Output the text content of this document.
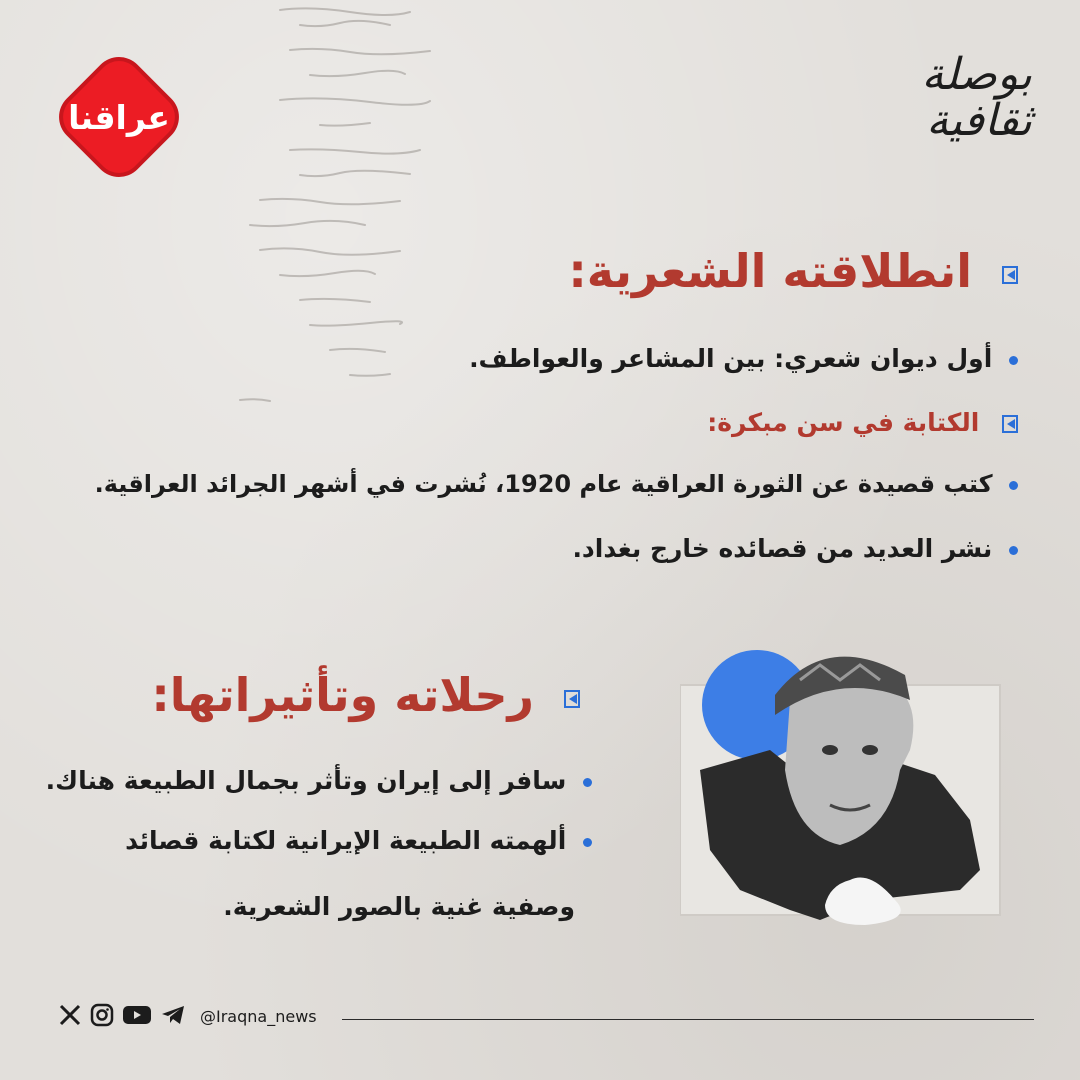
عراقنا
بوصلة
ثقافية
انطلاقته الشعرية:
أول ديوان شعري: بين المشاعر والعواطف.
الكتابة في سن مبكرة:
كتب قصيدة عن الثورة العراقية عام 1920، نُشرت في أشهر الجرائد العراقية.
نشر العديد من قصائده خارج بغداد.
رحلاته وتأثيراتها:
سافر إلى إيران وتأثر بجمال الطبيعة هناك.
ألهمته الطبيعة الإيرانية لكتابة قصائد
وصفية غنية بالصور الشعرية.
@Iraqna_news
